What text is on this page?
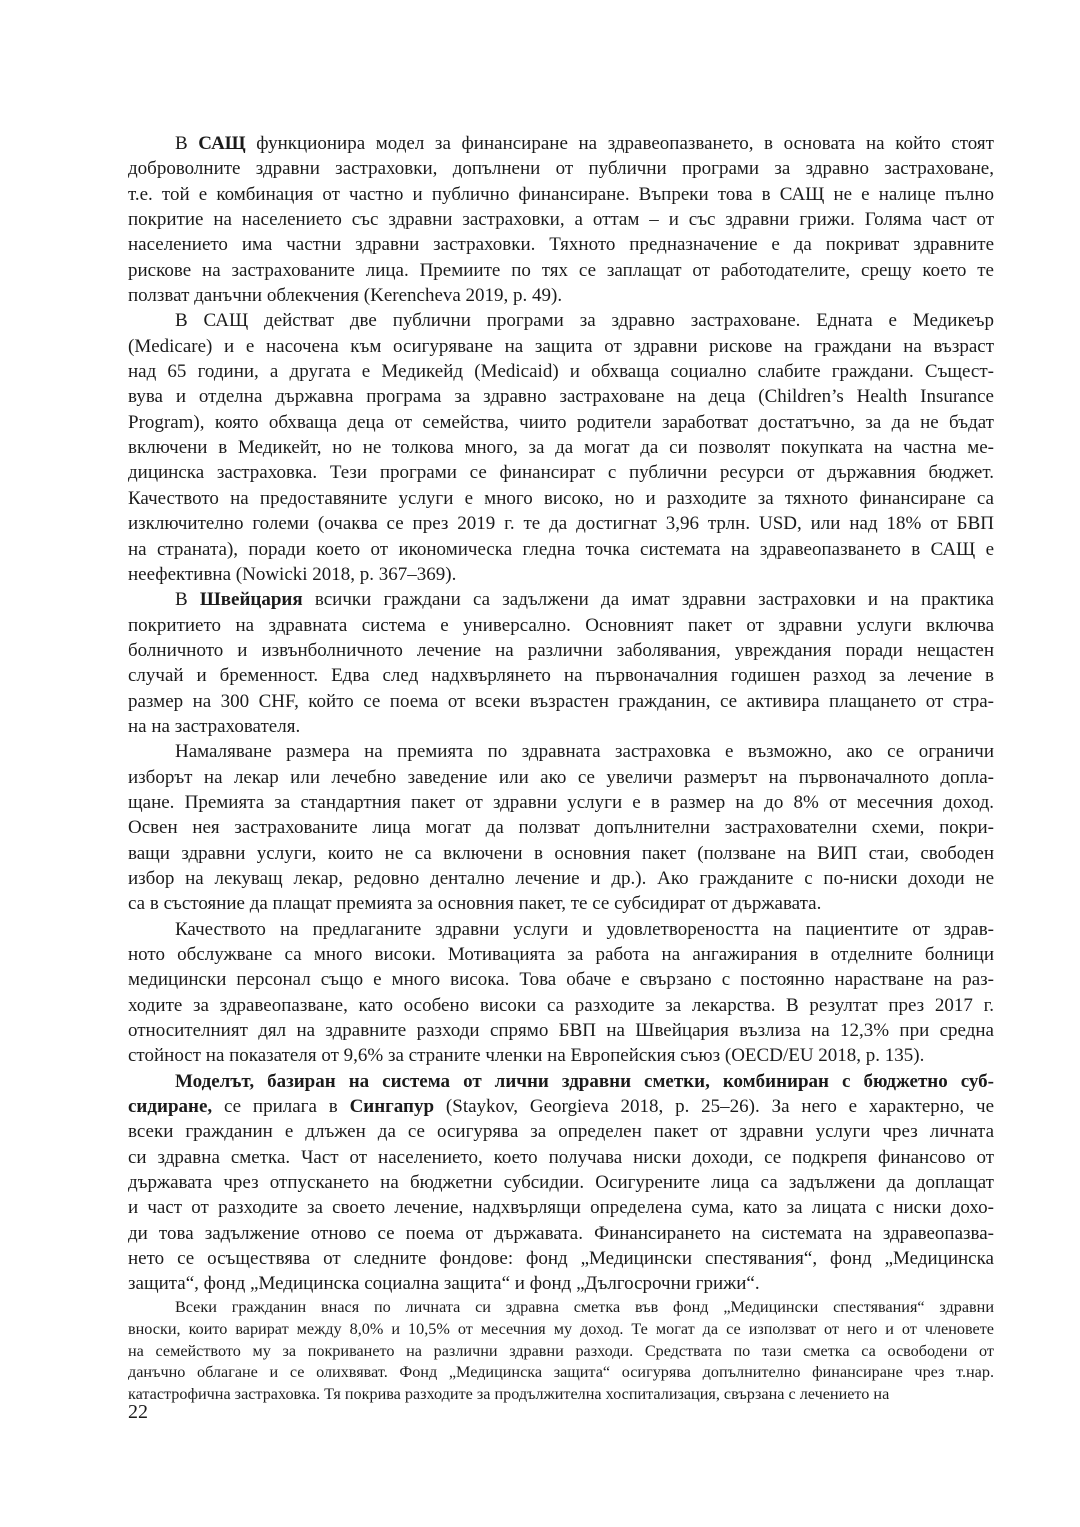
В САЩ функционира модел за финансиране на здравеопазването, в основата на който стоят
доброволните здравни застраховки, допълнени от публични програми за здравно застраховане,
т.е. той е комбинация от частно и публично финансиране. Въпреки това в САЩ не е налице пълно
покритие на населението със здравни застраховки, а оттам – и със здравни грижи. Голяма част от
населението има частни здравни застраховки. Тяхното предназначение е да покриват здравните
рискове на застрахованите лица. Премиите по тях се заплащат от работодателите, срещу което те
ползват данъчни облекчения (Kerencheva 2019, p. 49).
В САЩ действат две публични програми за здравно застраховане. Едната е Медикеър
(Medicare) и е насочена към осигуряване на защита от здравни рискове на граждани на възраст
над 65 години, а другата е Медикейд (Medicaid) и обхваща социално слабите граждани. Същест-
вува и отделна държавна програма за здравно застраховане на деца (Children’s Health Insurance
Program), която обхваща деца от семейства, чиито родители заработват достатъчно, за да не бъдат
включени в Медикейт, но не толкова много, за да могат да си позволят покупката на частна ме-
дицинска застраховка. Тези програми се финансират с публични ресурси от държавния бюджет.
Качеството на предоставяните услуги е много високо, но и разходите за тяхното финансиране са
изключително големи (очаква се през 2019 г. те да достигнат 3,96 трлн. USD, или над 18% от БВП
на страната), поради което от икономическа гледна точка системата на здравеопазването в САЩ е
неефективна (Nowicki 2018, p. 367–369).
В Швейцария всички граждани са задължени да имат здравни застраховки и на практика
покритието на здравната система е универсално. Основният пакет от здравни услуги включва
болничното и извънболничното лечение на различни заболявания, увреждания поради нещастен
случай и бременност. Едва след надхвърлянето на първоначалния годишен разход за лечение в
размер на 300 CHF, който се поема от всеки възрастен гражданин, се активира плащането от стра-
на на застрахователя.
Намаляване размера на премията по здравната застраховка е възможно, ако се ограничи
изборът на лекар или лечебно заведение или ако се увеличи размерът на първоначалното допла-
щане. Премията за стандартния пакет от здравни услуги е в размер на до 8% от месечния доход.
Освен нея застрахованите лица могат да ползват допълнителни застрахователни схеми, покри-
ващи здравни услуги, които не са включени в основния пакет (ползване на ВИП стаи, свободен
избор на лекуващ лекар, редовно дентално лечение и др.). Ако гражданите с по-ниски доходи не
са в състояние да плащат премията за основния пакет, те се субсидират от държавата.
Качеството на предлаганите здравни услуги и удовлетвореността на пациентите от здрав-
ното обслужване са много високи. Мотивацията за работа на ангажирания в отделните болници
медицински персонал също е много висока. Това обаче е свързано с постоянно нарастване на раз-
ходите за здравеопазване, като особено високи са разходите за лекарства. В резултат през 2017 г.
относителният дял на здравните разходи спрямо БВП на Швейцария възлиза на 12,3% при средна
стойност на показателя от 9,6% за страните членки на Европейския съюз (OECD/EU 2018, p. 135).
Моделът, базиран на система от лични здравни сметки, комбиниран с бюджетно суб-
сидиране, се прилага в Сингапур (Staykov, Georgieva 2018, p. 25–26). За него е характерно, че
всеки гражданин е длъжен да се осигурява за определен пакет от здравни услуги чрез личната
си здравна сметка. Част от населението, което получава ниски доходи, се подкрепя финансово от
държавата чрез отпускането на бюджетни субсидии. Осигурените лица са задължени да доплащат
и част от разходите за своето лечение, надхвърлящи определена сума, като за лицата с ниски дохо-
ди това задължение отново се поема от държавата. Финансирането на системата на здравеопазва-
нето се осъществява от следните фондове: фонд „Медицински спестявания“, фонд „Медицинска
защита“, фонд „Медицинска социална защита“ и фонд „Дългосрочни грижи“.
Всеки гражданин внася по личната си здравна сметка във фонд „Медицински спестявания“ здравни
вноски, които варират между 8,0% и 10,5% от месечния му доход. Те могат да се използват от него и от членовете
на семейството му за покриването на различни здравни разходи. Средствата по тази сметка са освободени от
данъчно облагане и се олихвяват. Фонд „Медицинска защита“ осигурява допълнително финансиране чрез т.нар.
катастрофична застраховка. Тя покрива разходите за продължителна хоспитализация, свързана с лечението на
22
